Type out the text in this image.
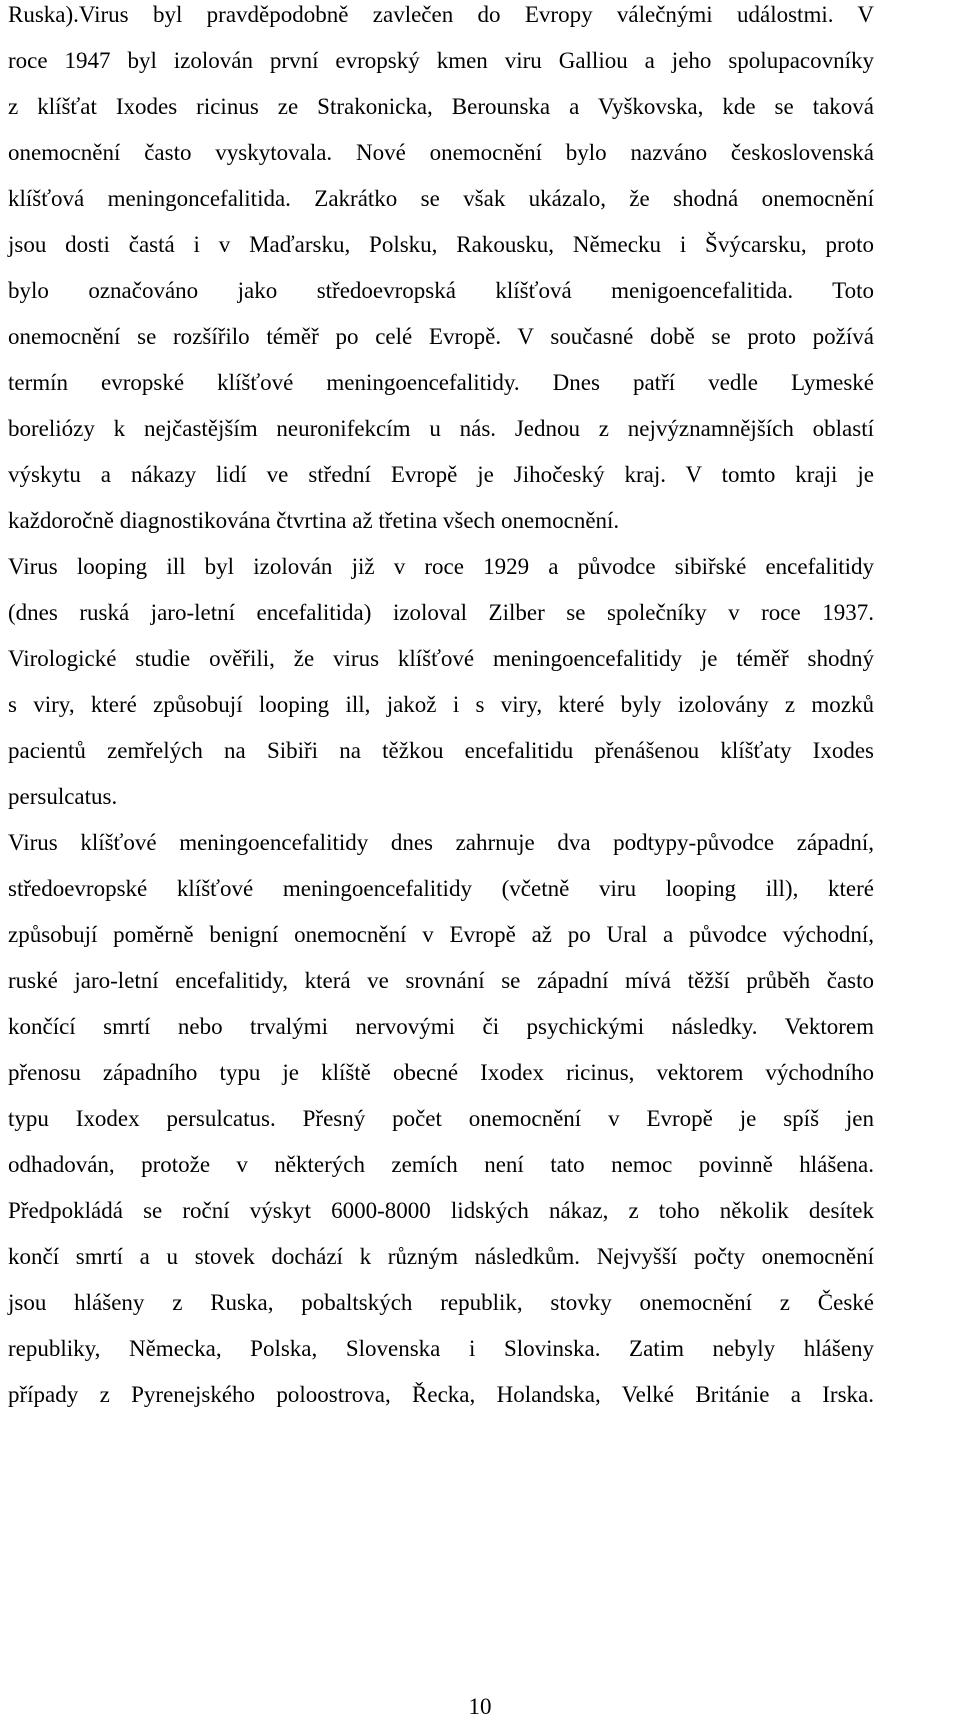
Ruska).Virus byl pravděpodobně zavlečen do Evropy válečnými událostmi. V
roce 1947 byl izolován první evropský kmen viru Galliou a jeho spolupacovníky
z klíšťat Ixodes ricinus ze Strakonicka, Berounska a Vyškovska, kde se taková
onemocnění často vyskytovala. Nové onemocnění bylo nazváno československá
klíšťová meningoncefalitida. Zakrátko se však ukázalo, že shodná onemocnění
jsou dosti častá i v Maďarsku, Polsku, Rakousku, Německu i Švýcarsku, proto
bylo označováno jako středoevropská klíšťová menigoencefalitida. Toto
onemocnění se rozšířilo téměř po celé Evropě. V současné době se proto požívá
termín evropské klíšťové meningoencefalitidy. Dnes patří vedle Lymeské
boreliózy k nejčastějším neuronifekcím u nás. Jednou z nejvýznamnějších oblastí
výskytu a nákazy lidí ve střední Evropě je Jihočeský kraj. V tomto kraji je
každoročně diagnostikována čtvrtina až třetina všech onemocnění.
Virus looping ill byl izolován již v roce 1929 a původce sibiřské encefalitidy
(dnes ruská jaro-letní encefalitida) izoloval Zilber se společníky v roce 1937.
Virologické studie ověřili, že virus klíšťové meningoencefalitidy je téměř shodný
s viry, které způsobují looping ill, jakož i s viry, které byly izolovány z mozků
pacientů zemřelých na Sibiři na těžkou encefalitidu přenášenou klíšťaty Ixodes
persulcatus.
Virus klíšťové meningoencefalitidy dnes zahrnuje dva podtypy-původce západní,
středoevropské klíšťové meningoencefalitidy (včetně viru looping ill), které
způsobují poměrně benigní onemocnění v Evropě až po Ural a původce východní,
ruské jaro-letní encefalitidy, která ve srovnání se západní mívá těžší průběh často
končící smrtí nebo trvalými nervovými či psychickými následky. Vektorem
přenosu západního typu je klíště obecné Ixodex ricinus, vektorem východního
typu Ixodex persulcatus. Přesný počet onemocnění v Evropě je spíš jen
odhadován, protože v některých zemích není tato nemoc povinně hlášena.
Předpokládá se roční výskyt 6000-8000 lidských nákaz, z toho několik desítek
končí smrtí a u stovek dochází k různým následkům. Nejvyšší počty onemocnění
jsou hlášeny z Ruska, pobaltských republik, stovky onemocnění z České
republiky, Německa, Polska, Slovenska i Slovinska. Zatim nebyly hlášeny
případy z Pyrenejského poloostrova, Řecka, Holandska, Velké Británie a Irska.
10
